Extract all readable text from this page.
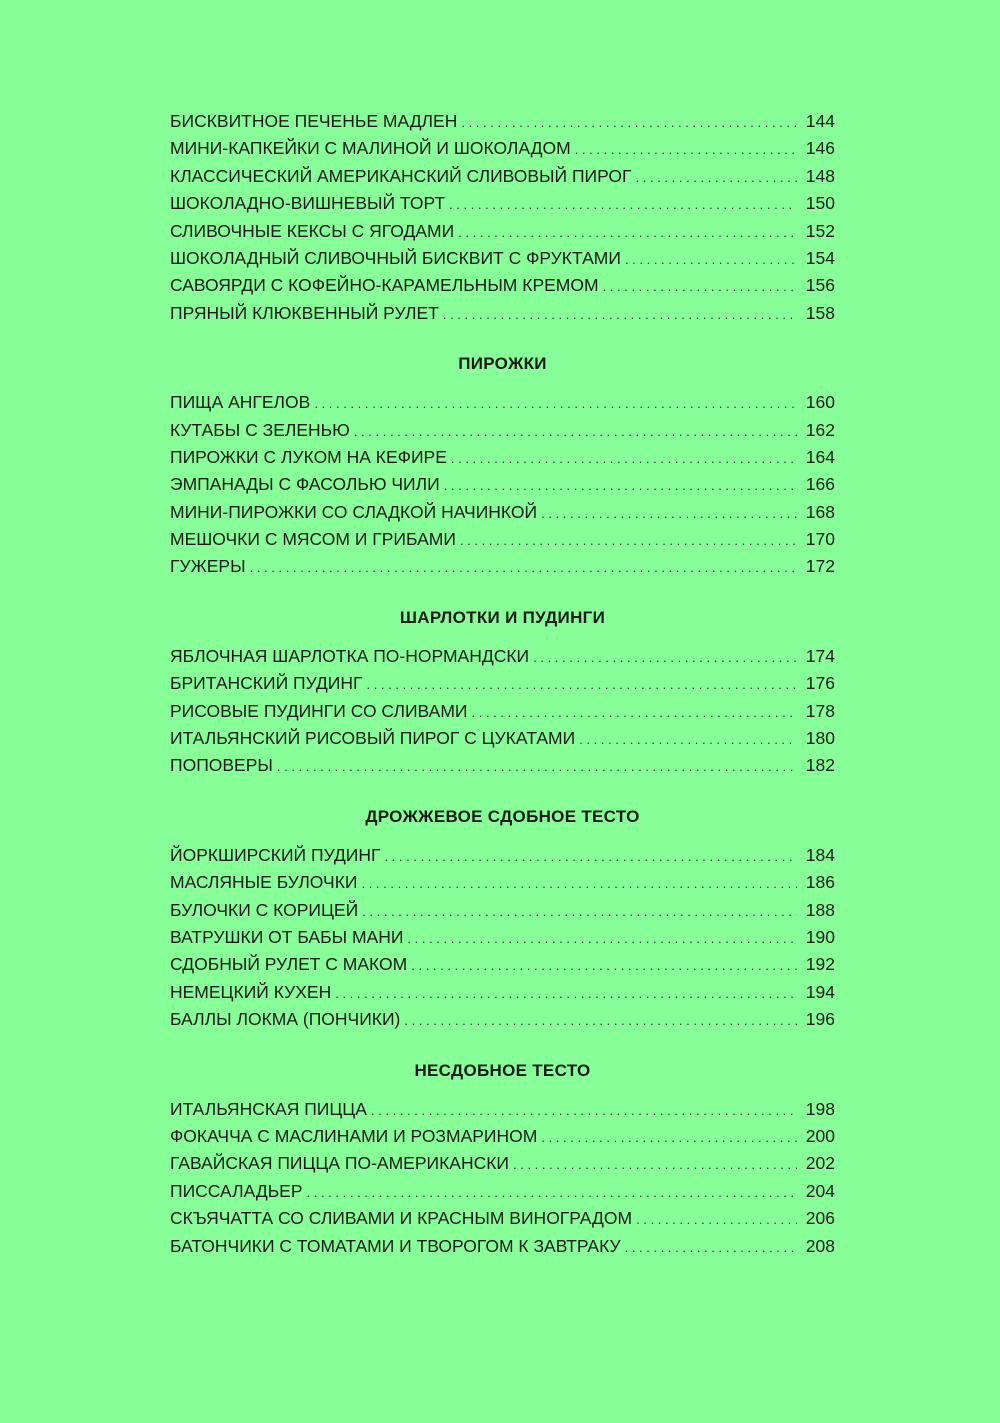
БИСКВИТНОЕ ПЕЧЕНЬЕ МАДЛЕН . . .	144
МИНИ-КАПКЕЙКИ С МАЛИНОЙ И ШОКОЛАДОМ . . .	146
КЛАССИЧЕСКИЙ АМЕРИКАНСКИЙ СЛИВОВЫЙ ПИРОГ . . .	148
ШОКОЛАДНО-ВИШНЕВЫЙ ТОРТ . . .	150
СЛИВОЧНЫЕ КЕКСЫ С ЯГОДАМИ . . .	152
ШОКОЛАДНЫЙ СЛИВОЧНЫЙ БИСКВИТ С ФРУКТАМИ . . .	154
САВОЯРДИ С КОФЕЙНО-КАРАМЕЛЬНЫМ КРЕМОМ . . .	156
ПРЯНЫЙ КЛЮКВЕННЫЙ РУЛЕТ . . .	158
ПИРОЖКИ
ПИЩА АНГЕЛОВ . . .	160
КУТАБЫ С ЗЕЛЕНЬЮ . . .	162
ПИРОЖКИ С ЛУКОМ НА КЕФИРЕ . . .	164
ЭМПАНАДЫ С ФАСОЛЬЮ ЧИЛИ . . .	166
МИНИ-ПИРОЖКИ СО СЛАДКОЙ НАЧИНКОЙ . . .	168
МЕШОЧКИ С МЯСОМ И ГРИБАМИ . . .	170
ГУЖЕРЫ . . .	172
ШАРЛОТКИ И ПУДИНГИ
ЯБЛОЧНАЯ ШАРЛОТКА ПО-НОРМАНДСКИ . . .	174
БРИТАНСКИЙ ПУДИНГ . . .	176
РИСОВЫЕ ПУДИНГИ СО СЛИВАМИ . . .	178
ИТАЛЬЯНСКИЙ РИСОВЫЙ ПИРОГ С ЦУКАТАМИ . . .	180
ПОПОВЕРЫ . . .	182
ДРОЖЖЕВОЕ СДОБНОЕ ТЕСТО
ЙОРКШИРСКИЙ ПУДИНГ . . .	184
МАСЛЯНЫЕ БУЛОЧКИ . . .	186
БУЛОЧКИ С КОРИЦЕЙ . . .	188
ВАТРУШКИ ОТ БАБЫ МАНИ . . .	190
СДОБНЫЙ РУЛЕТ С МАКОМ . . .	192
НЕМЕЦКИЙ КУХЕН . . .	194
БАЛЛЫ ЛОКМА (ПОНЧИКИ) . . .	196
НЕСДОБНОЕ ТЕСТО
ИТАЛЬЯНСКАЯ ПИЦЦА . . .	198
ФОКАЧЧА С МАСЛИНАМИ И РОЗМАРИНОМ . . .	200
ГАВАЙСКАЯ ПИЦЦА ПО-АМЕРИКАНСКИ . . .	202
ПИССАЛАДЬЕР . . .	204
СКЪЯЧАТТА СО СЛИВАМИ И КРАСНЫМ ВИНОГРАДОМ . . .	206
БАТОНЧИКИ С ТОМАТАМИ И ТВОРОГОМ К ЗАВТРАКУ . . .	208
